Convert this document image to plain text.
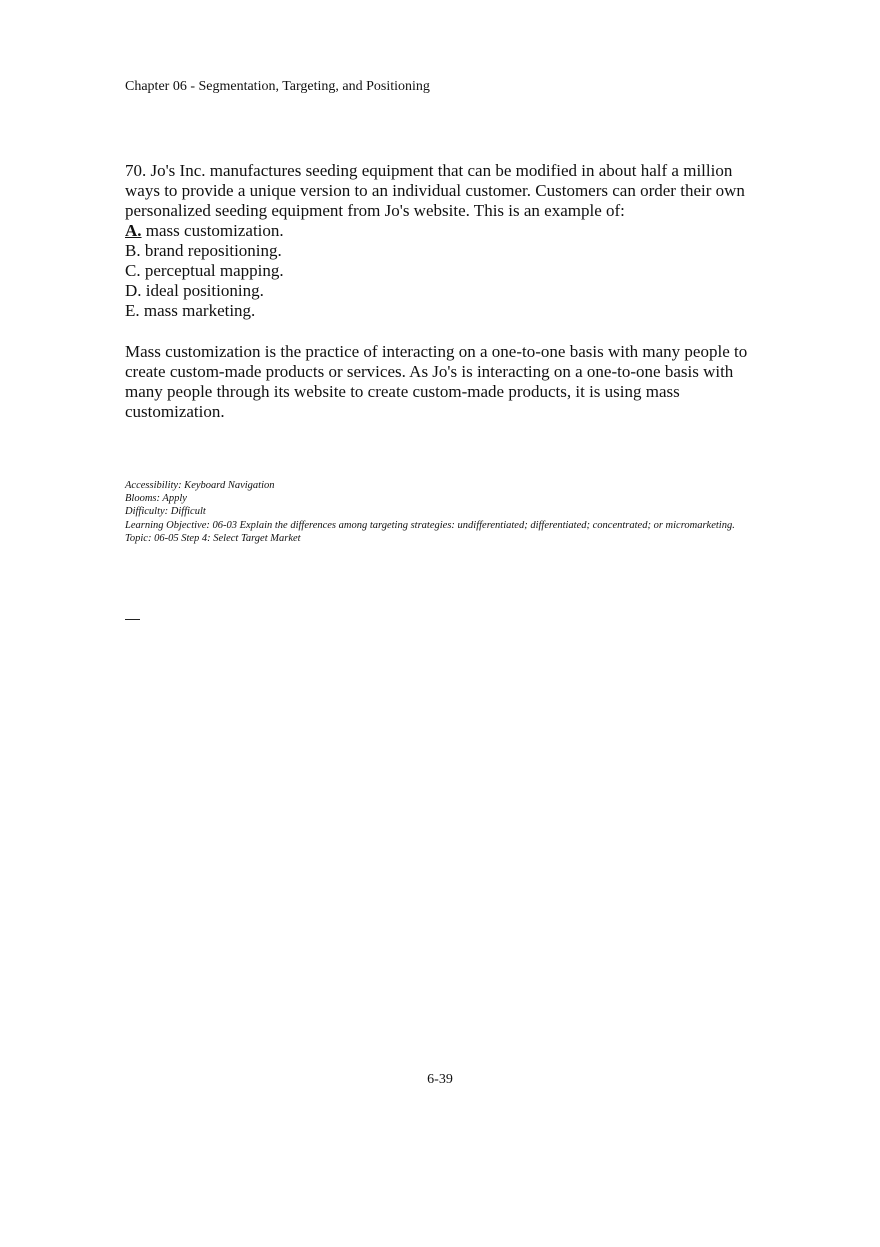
Chapter 06 - Segmentation, Targeting, and Positioning

70. Jo's Inc. manufactures seeding equipment that can be modified in about half a million ways to provide a unique version to an individual customer. Customers can order their own personalized seeding equipment from Jo's website. This is an example of:

A. mass customization.
B. brand repositioning.
C. perceptual mapping.
D. ideal positioning.
E. mass marketing.

Mass customization is the practice of interacting on a one-to-one basis with many people to create custom-made products or services. As Jo's is interacting on a one-to-one basis with many people through its website to create custom-made products, it is using mass customization.

Accessibility: Keyboard Navigation
Blooms: Apply
Difficulty: Difficult
Learning Objective: 06-03 Explain the differences among targeting strategies: undifferentiated; differentiated; concentrated; or micromarketing.
Topic: 06-05 Step 4: Select Target Market
6-39
